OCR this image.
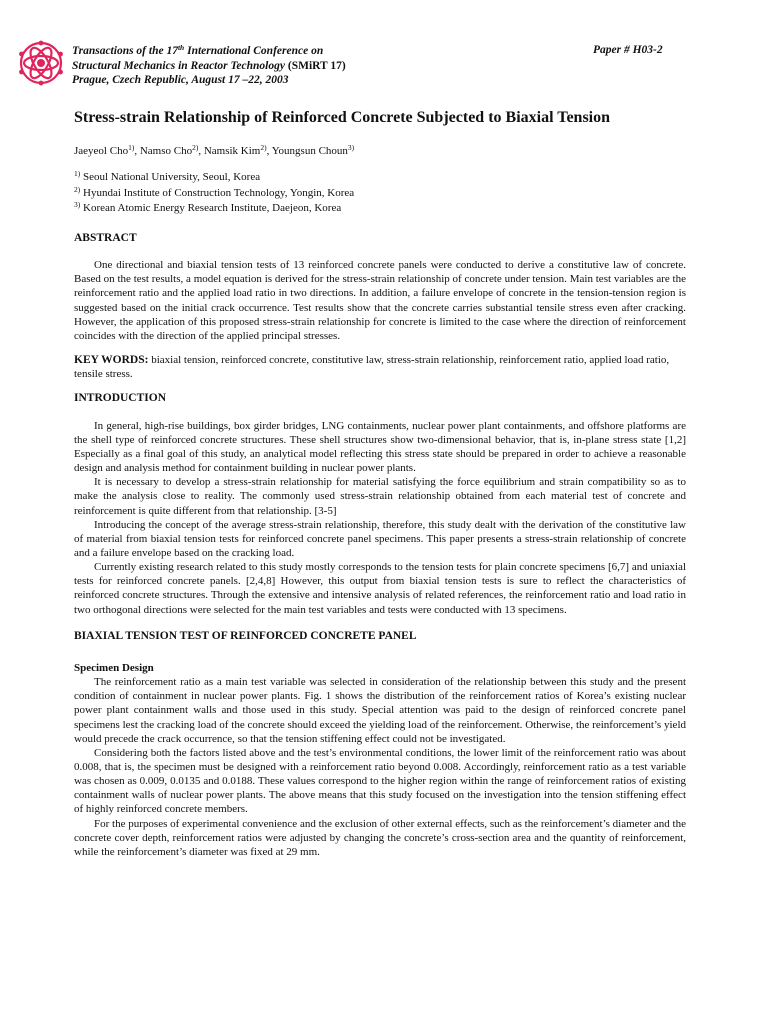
Transactions of the 17th International Conference on
Structural Mechanics in Reactor Technology (SMiRT 17)
Prague, Czech Republic, August 17 –22, 2003
Paper # H03-2
Stress-strain Relationship of Reinforced Concrete Subjected to Biaxial Tension
Jaeyeol Cho$^{1)}$, Namso Cho$^{2)}$, Namsik Kim$^{2)}$, Youngsun Choun$^{3)}$
$^{1)}$ Seoul National University, Seoul, Korea
$^{2)}$ Hyundai Institute of Construction Technology, Yongin, Korea
$^{3)}$ Korean Atomic Energy Research Institute, Daejeon, Korea
ABSTRACT

One directional and biaxial tension tests of 13 reinforced concrete panels were conducted to derive a constitutive law of concrete. Based on the test results, a model equation is derived for the stress-strain relationship of concrete under tension. Main test variables are the reinforcement ratio and the applied load ratio in two directions. In addition, a failure envelope of concrete in the tension-tension region is suggested based on the initial crack occurrence. Test results show that the concrete carries substantial tensile stress even after cracking. However, the application of this proposed stress-strain relationship for concrete is limited to the case where the direction of reinforcement coincides with the direction of the applied principal stresses.

KEY WORDS: biaxial tension, reinforced concrete, constitutive law, stress-strain relationship, reinforcement ratio, applied load ratio, tensile stress.

INTRODUCTION

In general, high-rise buildings, box girder bridges, LNG containments, nuclear power plant containments, and offshore platforms are the shell type of reinforced concrete structures. These shell structures show two-dimensional behavior, that is, in-plane stress state [1,2] Especially as a final goal of this study, an analytical model reflecting this stress state should be prepared in order to achieve a reasonable design and analysis method for containment building in nuclear power plants.

It is necessary to develop a stress-strain relationship for material satisfying the force equilibrium and strain compatibility so as to make the analysis close to reality. The commonly used stress-strain relationship obtained from each material test of concrete and reinforcement is quite different from that relationship. [3-5]

Introducing the concept of the average stress-strain relationship, therefore, this study dealt with the derivation of the constitutive law of material from biaxial tension tests for reinforced concrete panel specimens. This paper presents a stress-strain relationship of concrete and a failure envelope based on the cracking load.

Currently existing research related to this study mostly corresponds to the tension tests for plain concrete specimens [6,7] and uniaxial tests for reinforced concrete panels. [2,4,8] However, this output from biaxial tension tests is sure to reflect the characteristics of reinforced concrete structures. Through the extensive and intensive analysis of related references, the reinforcement ratio and load ratio in two orthogonal directions were selected for the main test variables and tests were conducted with 13 specimens.

BIAXIAL TENSION TEST OF REINFORCED CONCRETE PANEL
Specimen Design

The reinforcement ratio as a main test variable was selected in consideration of the relationship between this study and the present condition of containment in nuclear power plants. Fig. 1 shows the distribution of the reinforcement ratios of Korea’s existing nuclear power plant containment walls and those used in this study. Special attention was paid to the design of reinforced concrete panel specimens lest the cracking load of the concrete should exceed the yielding load of the reinforcement. Otherwise, the reinforcement’s yield would precede the crack occurrence, so that the tension stiffening effect could not be investigated.

Considering both the factors listed above and the test’s environmental conditions, the lower limit of the reinforcement ratio was about 0.008, that is, the specimen must be designed with a reinforcement ratio beyond 0.008. Accordingly, reinforcement ratio as a test variable was chosen as 0.009, 0.0135 and 0.0188. These values correspond to the higher region within the range of reinforcement ratios of existing containment walls of nuclear power plants. The above means that this study focused on the investigation into the tension stiffening effect of highly reinforced concrete members.

For the purposes of experimental convenience and the exclusion of other external effects, such as the reinforcement’s diameter and the concrete cover depth, reinforcement ratios were adjusted by changing the concrete’s cross-section area and the quantity of reinforcement, while the reinforcement’s diameter was fixed at 29 mm.
